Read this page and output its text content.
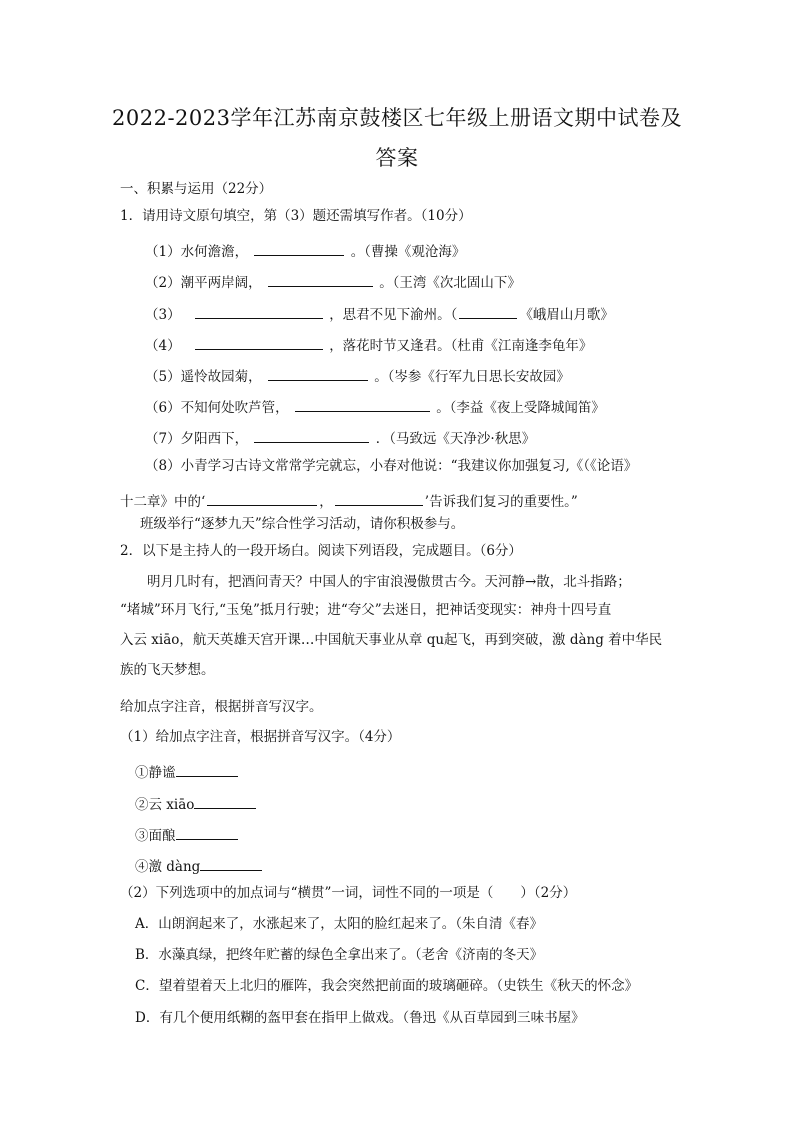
2022-2023学年江苏南京鼓楼区七年级上册语文期中试卷及
答案
一、积累与运用（22分）
1．请用诗文原句填空，第（3）题还需填写作者。（10分）
（1）水何澹澹，	。（曹操《观沧海》
（2）潮平两岸阔，	。（王湾《次北固山下》
（3）	，思君不见下渝州。（	《峨眉山月歌》
（4）	，落花时节又逢君。（杜甫《江南逢李龟年》
（5）遥怜故园菊，	。（岑参《行军九日思长安故园》
（6）不知何处吹芦管，	。（李益《夜上受降城闻笛》
（7）夕阳西下，	．（马致远《天净沙·秋思》
（8）小青学习古诗文常常学完就忘，小春对他说：“我建议你加强复习,《（《论语》
十二章》中的‘	，	’告诉我们复习的重要性。”
班级举行“逐梦九天”综合性学习活动，请你积极参与。
2．以下是主持人的一段开场白。阅读下列语段，完成题目。（6分）
明月几时有，把酒问青天？中国人的宇宙浪漫傲贯古今。天河静→散，北斗指路；
“堵城”环月飞行,“玉兔”抵月行驶；进“夸父”去迷日，把神话变现实：神舟十四号直
入云 xiāo，航天英雄天宫开课…中国航天事业从章 qu起飞，再到突破，激 dàng 着中华民
族的飞天梦想。
给加点字注音，根据拼音写汉字。
（1）给加点字注音，根据拼音写汉字。（4分）
①静谧
②云 xiāo
③面酿
④激 dàng
（2）下列选项中的加点词与“横贯”一词，词性不同的一项是（　　）（2分）
A．山朗润起来了，水涨起来了，太阳的脸红起来了。（朱自清《春》
B．水藻真绿，把终年贮蓄的绿色全拿出来了。（老舍《济南的冬天》
C．望着望着天上北归的雁阵，我会突然把前面的玻璃砸碎。（史铁生《秋天的怀念》
D．有几个便用纸糊的盔甲套在指甲上做戏。（鲁迅《从百草园到三味书屋》
